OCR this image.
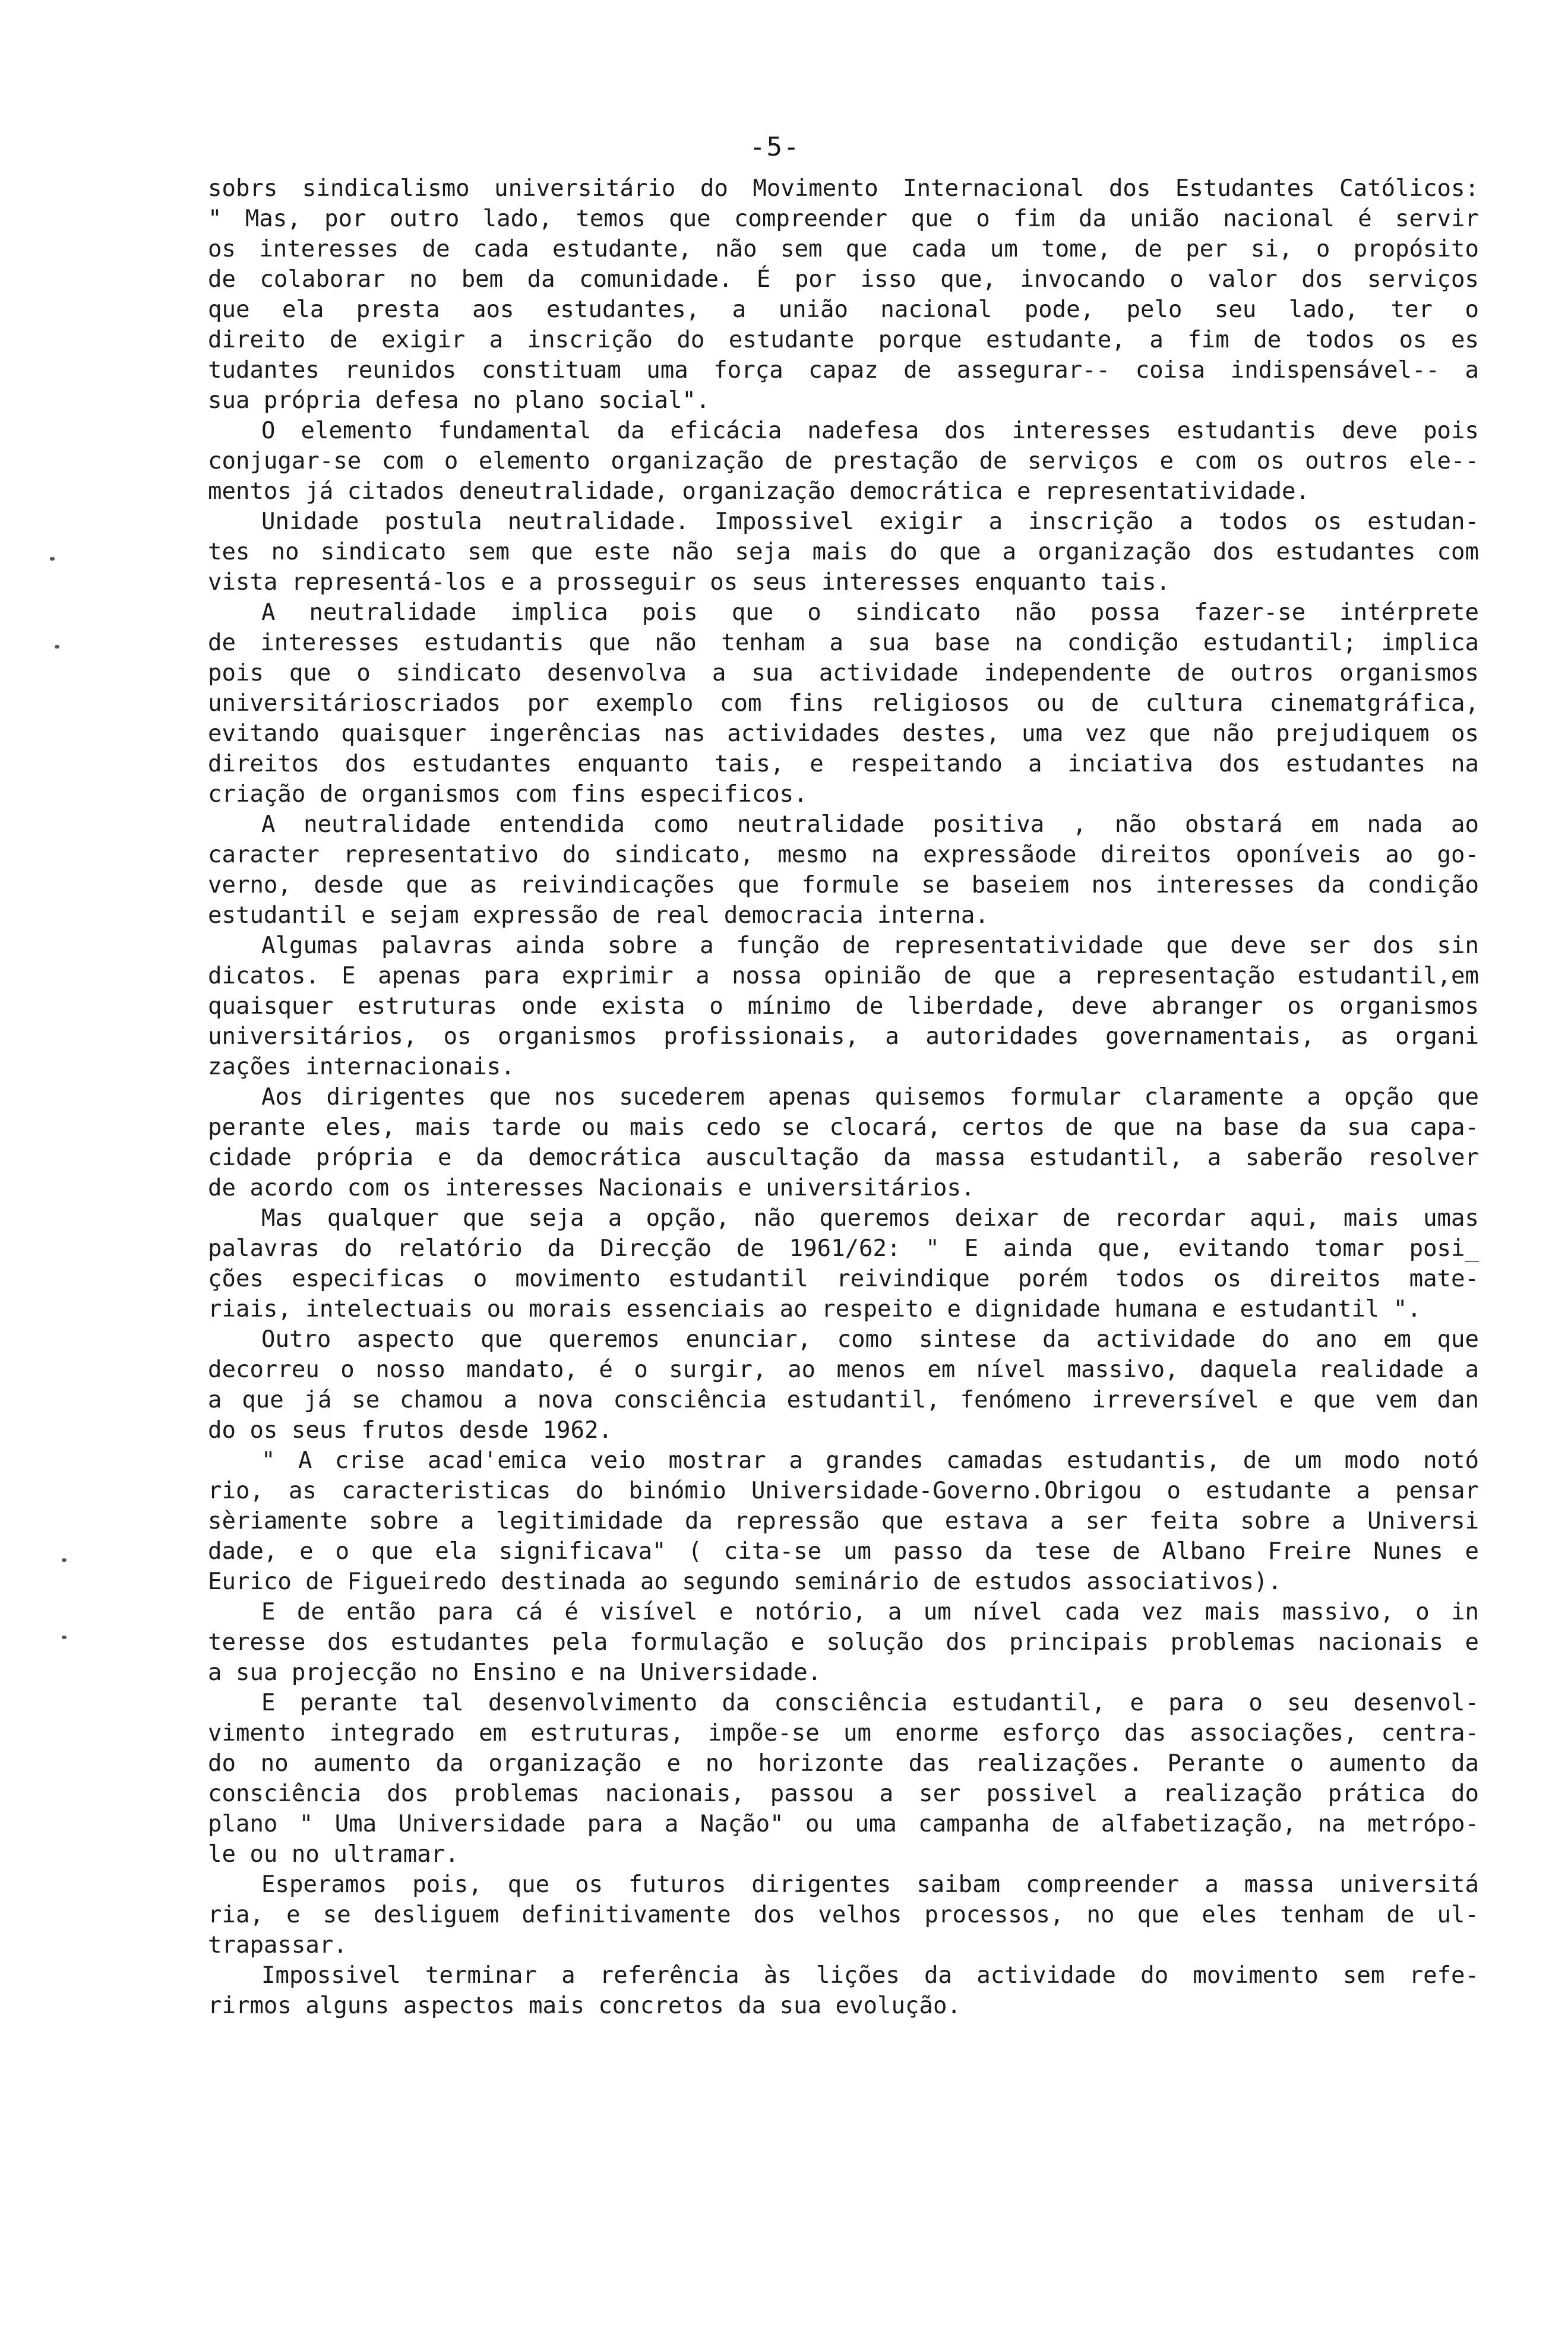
-5-
sobrs sindicalismo universitário do Movimento Internacional dos Estudantes Católicos:
" Mas, por outro lado, temos que compreender que o fim da união nacional é servir
os interesses de cada estudante, não sem que cada um tome, de per si, o propósito
de colaborar no bem da comunidade. É por isso que, invocando o valor dos serviços
que ela presta aos estudantes, a união nacional pode, pelo seu lado, ter o
direito de exigir a inscrição do estudante porque estudante, a fim de todos os es
tudantes reunidos constituam uma força capaz de assegurar-- coisa indispensável-- a
sua própria defesa no plano social".
O elemento fundamental da eficácia nadefesa dos interesses estudantis deve pois
conjugar-se com o elemento organização de prestação de serviços e com os outros ele--
mentos já citados deneutralidade, organização democrática e representatividade.
Unidade postula neutralidade. Impossivel exigir a inscrição a todos os estudan-
tes no sindicato sem que este não seja mais do que a organização dos estudantes com
vista representá-los e a prosseguir os seus interesses enquanto tais.
A neutralidade implica pois que o sindicato não possa fazer-se intérprete
de interesses estudantis que não tenham a sua base na condição estudantil; implica
pois que o sindicato desenvolva a sua actividade independente de outros organismos
universitárioscriados por exemplo com fins religiosos ou de cultura cinematgráfica,
evitando quaisquer ingerências nas actividades destes, uma vez que não prejudiquem os
direitos dos estudantes enquanto tais, e respeitando a inciativa dos estudantes na
criação de organismos com fins especificos.
A neutralidade entendida como neutralidade positiva , não obstará em nada ao
caracter representativo do sindicato, mesmo na expressãode direitos oponíveis ao go-
verno, desde que as reivindicações que formule se baseiem nos interesses da condição
estudantil e sejam expressão de real democracia interna.
Algumas palavras ainda sobre a função de representatividade que deve ser dos sin
dicatos. E apenas para exprimir a nossa opinião de que a representação estudantil,em
quaisquer estruturas onde exista o mínimo de liberdade, deve abranger os organismos
universitários, os organismos profissionais, a autoridades governamentais, as organi
zações internacionais.
Aos dirigentes que nos sucederem apenas quisemos formular claramente a opção que
perante eles, mais tarde ou mais cedo se clocará, certos de que na base da sua capa-
cidade própria e da democrática auscultação da massa estudantil, a saberão resolver
de acordo com os interesses Nacionais e universitários.
Mas qualquer que seja a opção, não queremos deixar de recordar aqui, mais umas
palavras do relatório da Direcção de 1961/62: " E ainda que, evitando tomar posi_
ções especificas o movimento estudantil reivindique porém todos os direitos mate-
riais, intelectuais ou morais essenciais ao respeito e dignidade humana e estudantil ".
Outro aspecto que queremos enunciar, como sintese da actividade do ano em que
decorreu o nosso mandato, é o surgir, ao menos em nível massivo, daquela realidade a
a que já se chamou a nova consciência estudantil, fenómeno irreversível e que vem dan
do os seus frutos desde 1962.
" A crise acad'emica veio mostrar a grandes camadas estudantis, de um modo notó
rio, as caracteristicas do binómio Universidade-Governo.Obrigou o estudante a pensar
sèriamente sobre a legitimidade da repressão que estava a ser feita sobre a Universi
dade, e o que ela significava" ( cita-se um passo da tese de Albano Freire Nunes e
Eurico de Figueiredo destinada ao segundo seminário de estudos associativos).
E de então para cá é visível e notório, a um nível cada vez mais massivo, o in
teresse dos estudantes pela formulação e solução dos principais problemas nacionais e
a sua projecção no Ensino e na Universidade.
E perante tal desenvolvimento da consciência estudantil, e para o seu desenvol-
vimento integrado em estruturas, impõe-se um enorme esforço das associações, centra-
do no aumento da organização e no horizonte das realizações. Perante o aumento da
consciência dos problemas nacionais, passou a ser possivel a realização prática do
plano " Uma Universidade para a Nação" ou uma campanha de alfabetização, na metrópo-
le ou no ultramar.
Esperamos pois, que os futuros dirigentes saibam compreender a massa universitá
ria, e se desliguem definitivamente dos velhos processos, no que eles tenham de ul-
trapassar.
Impossivel terminar a referência às lições da actividade do movimento sem refe-
rirmos alguns aspectos mais concretos da sua evolução.
